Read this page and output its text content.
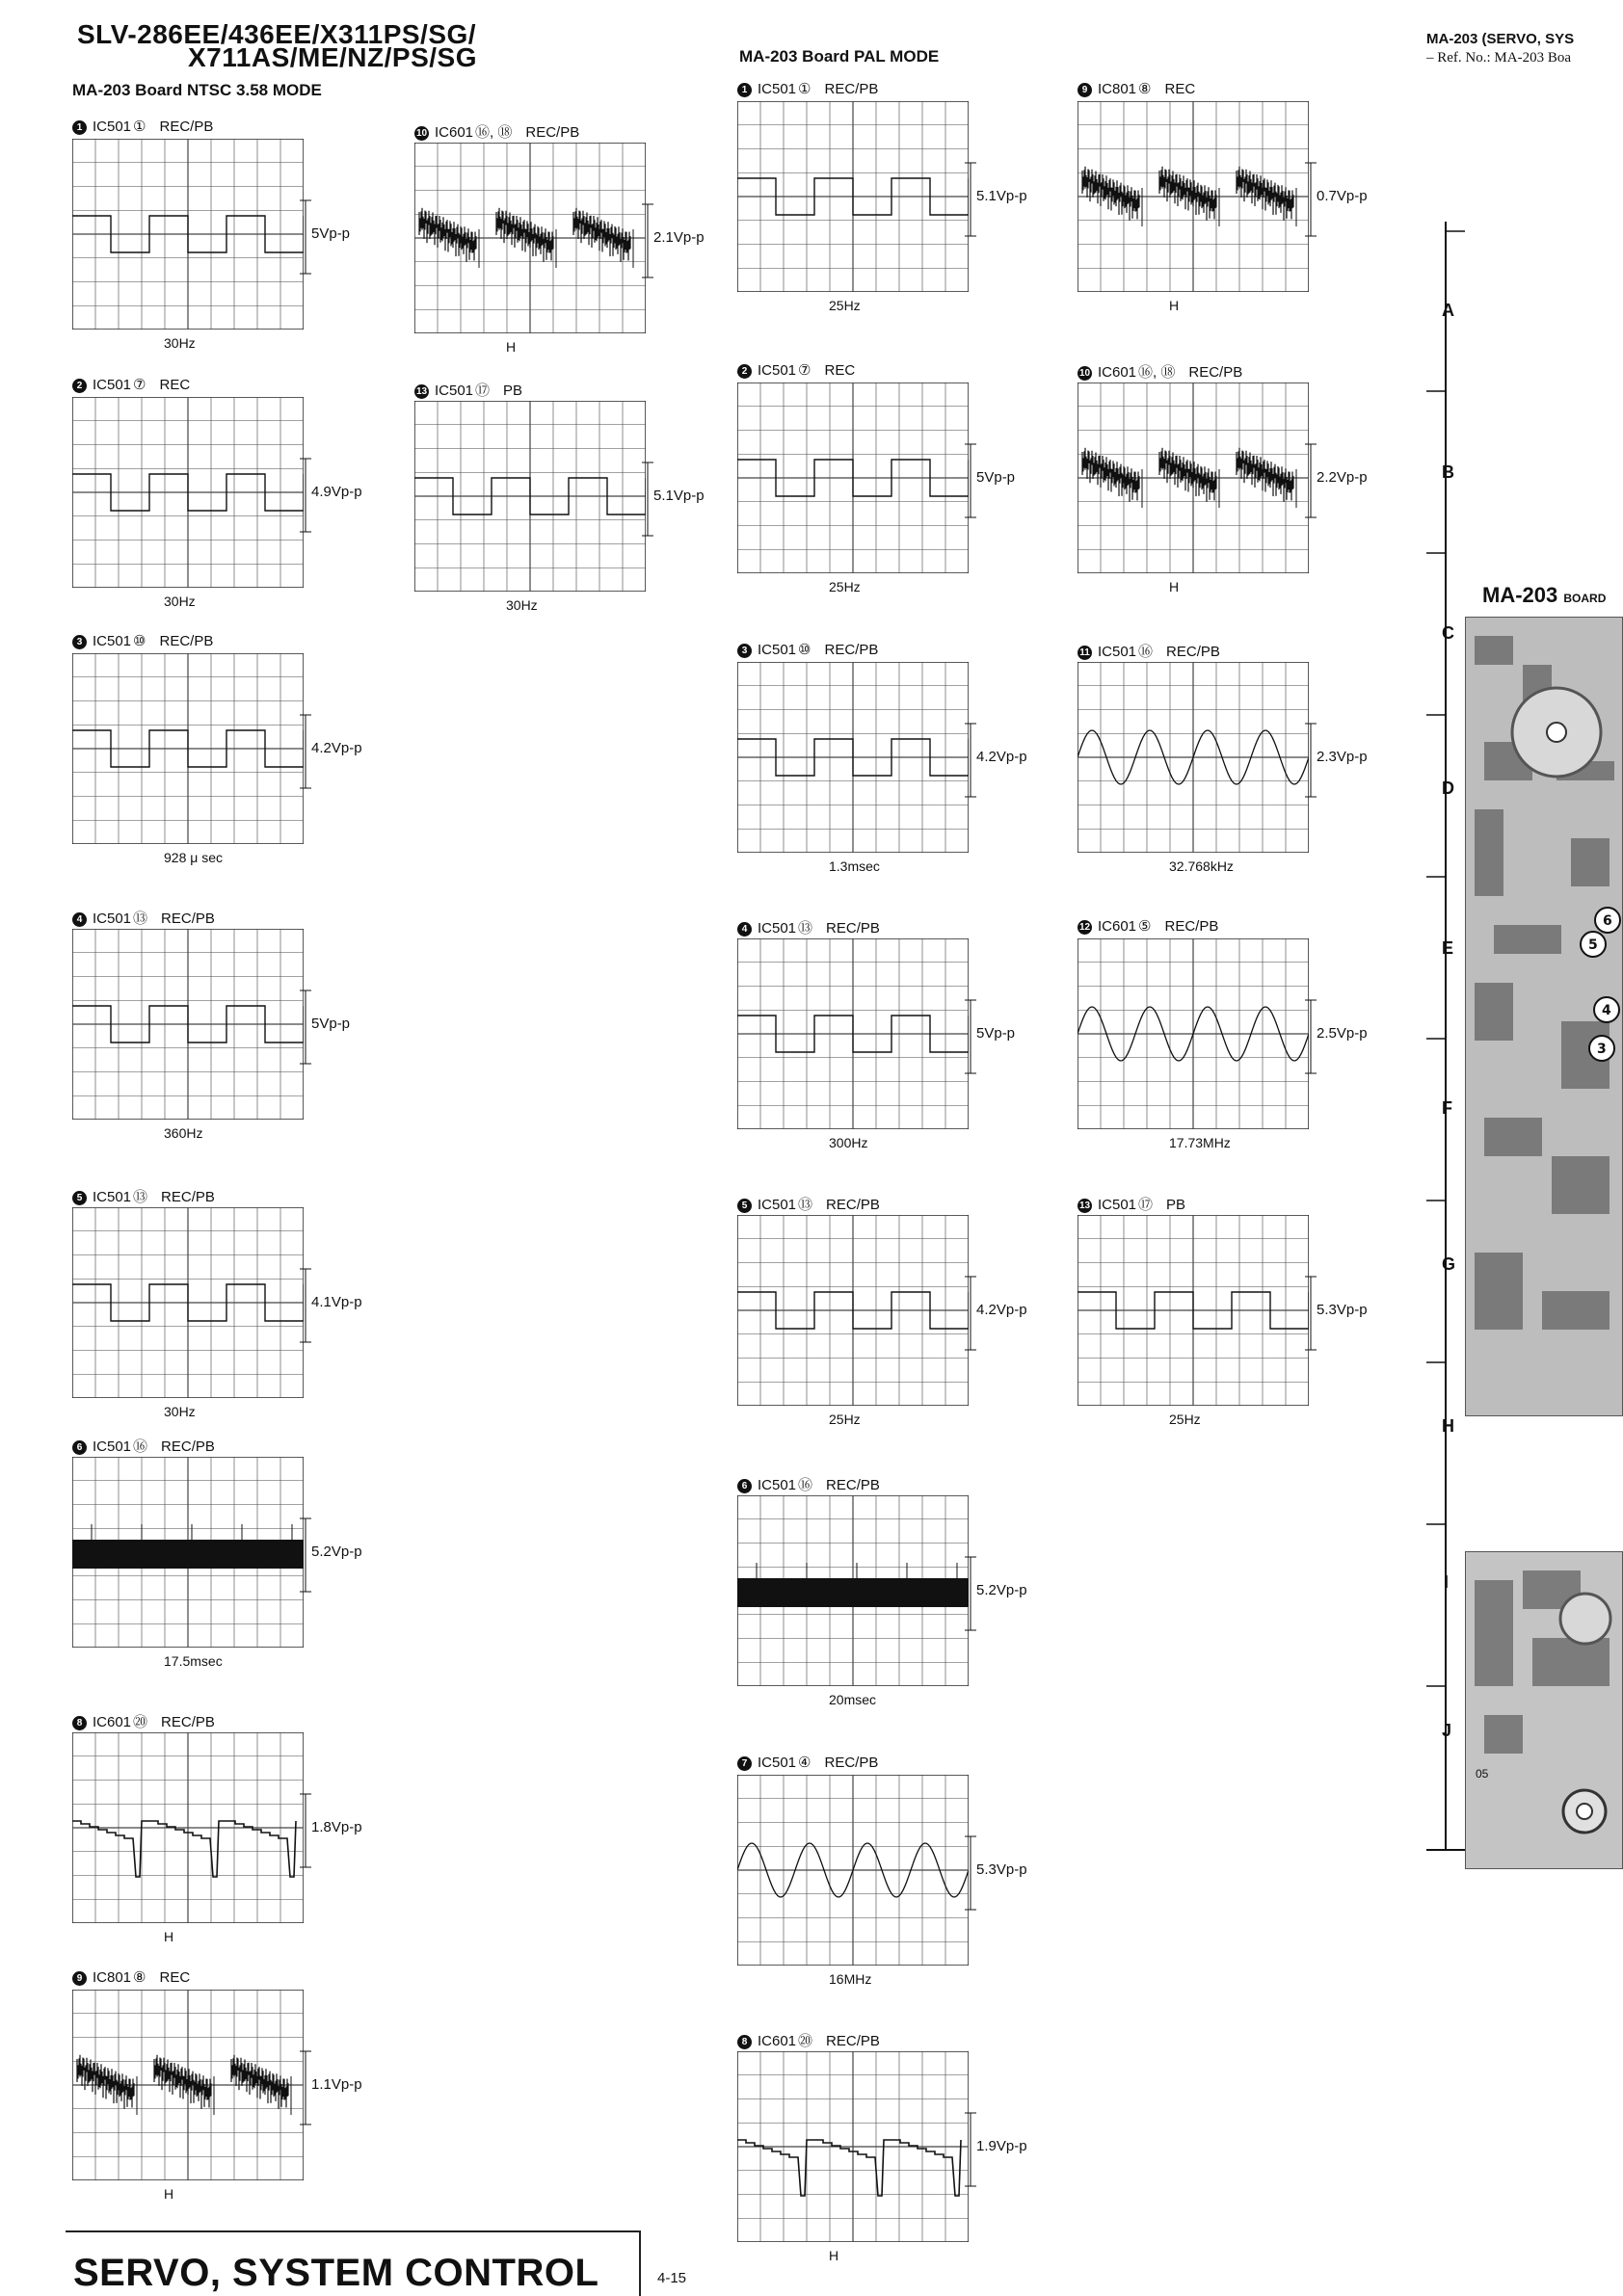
SLV-286EE/436EE/X311PS/SG/
X711AS/ME/NZ/PS/SG
MA-203 Board NTSC 3.58 MODE
MA-203 Board PAL MODE
1 IC501 ① REC/PB
5Vp-p
30Hz
2 IC501 ⑦ REC
4.9Vp-p
30Hz
3 IC501 ⑩ REC/PB
4.2Vp-p
928 μ sec
4 IC501 ⑬ REC/PB
5Vp-p
360Hz
5 IC501 ⑬ REC/PB
4.1Vp-p
30Hz
6 IC501 ⑯ REC/PB
5.2Vp-p
17.5msec
8 IC601 ⑳ REC/PB
1.8Vp-p
H
9 IC801 ⑧ REC
1.1Vp-p
H
10 IC601 ⑯, ⑱ REC/PB
2.1Vp-p
H
13 IC501 ⑰ PB
5.1Vp-p
30Hz
1 IC501 ① REC/PB
5.1Vp-p
25Hz
2 IC501 ⑦ REC
5Vp-p
25Hz
3 IC501 ⑩ REC/PB
4.2Vp-p
1.3msec
4 IC501 ⑬ REC/PB
5Vp-p
300Hz
5 IC501 ⑬ REC/PB
4.2Vp-p
25Hz
6 IC501 ⑯ REC/PB
5.2Vp-p
20msec
7 IC501 ④ REC/PB
5.3Vp-p
16MHz
8 IC601 ⑳ REC/PB
1.9Vp-p
H
9 IC801 ⑧ REC
0.7Vp-p
H
10 IC601 ⑯, ⑱ REC/PB
2.2Vp-p
H
11 IC501 ⑯ REC/PB
2.3Vp-p
32.768kHz
12 IC601 ⑤ REC/PB
2.5Vp-p
17.73MHz
13 IC501 ⑰ PB
5.3Vp-p
25Hz
SERVO, SYSTEM CONTROL	4-15
MA-203 (SERVO, SYS
– Ref. No.: MA-203 Boa
MA-203 BOARD
6
5
4
3
A
B
C
D
E
F
G
H
I
J
05
